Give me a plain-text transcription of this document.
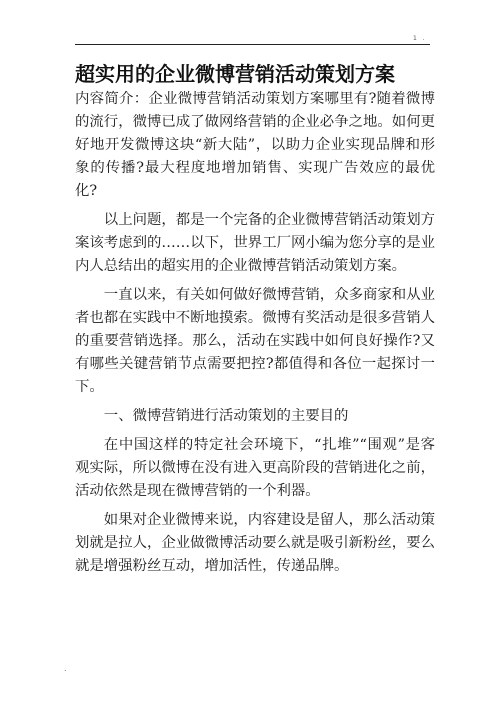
1 .
超实用的企业微博营销活动策划方案

内容简介：企业微博营销活动策划方案哪里有?随着微博的流行，微博已成了做网络营销的企业必争之地。如何更好地开发微博这块“新大陆”，以助力企业实现品牌和形象的传播?最大程度地增加销售、实现广告效应的最优化?

以上问题，都是一个完备的企业微博营销活动策划方案该考虑到的……以下，世界工厂网小编为您分享的是业内人总结出的超实用的企业微博营销活动策划方案。

一直以来，有关如何做好微博营销，众多商家和从业者也都在实践中不断地摸索。微博有奖活动是很多营销人的重要营销选择。那么，活动在实践中如何良好操作?又有哪些关键营销节点需要把控?都值得和各位一起探讨一下。

一、微博营销进行活动策划的主要目的

在中国这样的特定社会环境下，“扎堆”“围观”是客观实际，所以微博在没有进入更高阶段的营销进化之前，活动依然是现在微博营销的一个利器。

如果对企业微博来说，内容建设是留人，那么活动策划就是拉人，企业做微博活动要么就是吸引新粉丝，要么就是增强粉丝互动，增加活性，传递品牌。

.
